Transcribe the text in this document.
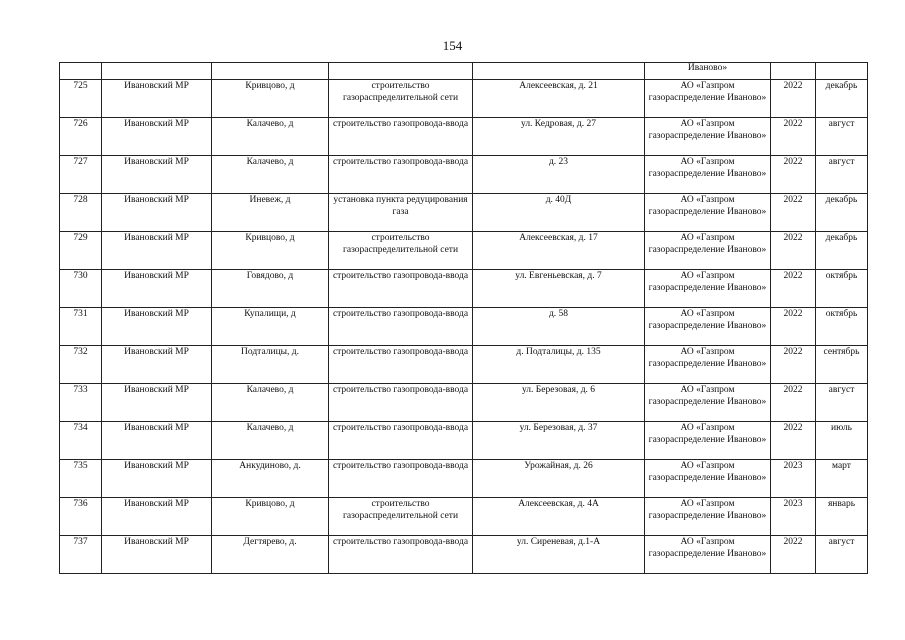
154
					Иваново»		
725	Ивановский МР	Кривцово, д	строительство газораспределительной сети	Алексеевская, д. 21	АО «Газпром газораспределение Иваново»	2022	декабрь
726	Ивановский МР	Калачево, д	строительство газопровода-ввода	ул. Кедровая, д. 27	АО «Газпром газораспределение Иваново»	2022	август
727	Ивановский МР	Калачево, д	строительство газопровода-ввода	д. 23	АО «Газпром газораспределение Иваново»	2022	август
728	Ивановский МР	Иневеж, д	установка пункта редуцирования газа	д. 40Д	АО «Газпром газораспределение Иваново»	2022	декабрь
729	Ивановский МР	Кривцово, д	строительство газораспределительной сети	Алексеевская, д. 17	АО «Газпром газораспределение Иваново»	2022	декабрь
730	Ивановский МР	Говядово, д	строительство газопровода-ввода	ул. Евгеньевская, д. 7	АО «Газпром газораспределение Иваново»	2022	октябрь
731	Ивановский МР	Купалищи, д	строительство газопровода-ввода	д. 58	АО «Газпром газораспределение Иваново»	2022	октябрь
732	Ивановский МР	Подталицы, д.	строительство газопровода-ввода	д. Подталицы, д. 135	АО «Газпром газораспределение Иваново»	2022	сентябрь
733	Ивановский МР	Калачево, д	строительство газопровода-ввода	ул. Березовая, д. 6	АО «Газпром газораспределение Иваново»	2022	август
734	Ивановский МР	Калачево, д	строительство газопровода-ввода	ул. Березовая, д. 37	АО «Газпром газораспределение Иваново»	2022	июль
735	Ивановский МР	Анкудиново, д.	строительство газопровода-ввода	Урожайная, д. 26	АО «Газпром газораспределение Иваново»	2023	март
736	Ивановский МР	Кривцово, д	строительство газораспределительной сети	Алексеевская, д. 4А	АО «Газпром газораспределение Иваново»	2023	январь
737	Ивановский МР	Дегтярево, д.	строительство газопровода-ввода	ул. Сиреневая, д.1-А	АО «Газпром газораспределение Иваново»	2022	август
